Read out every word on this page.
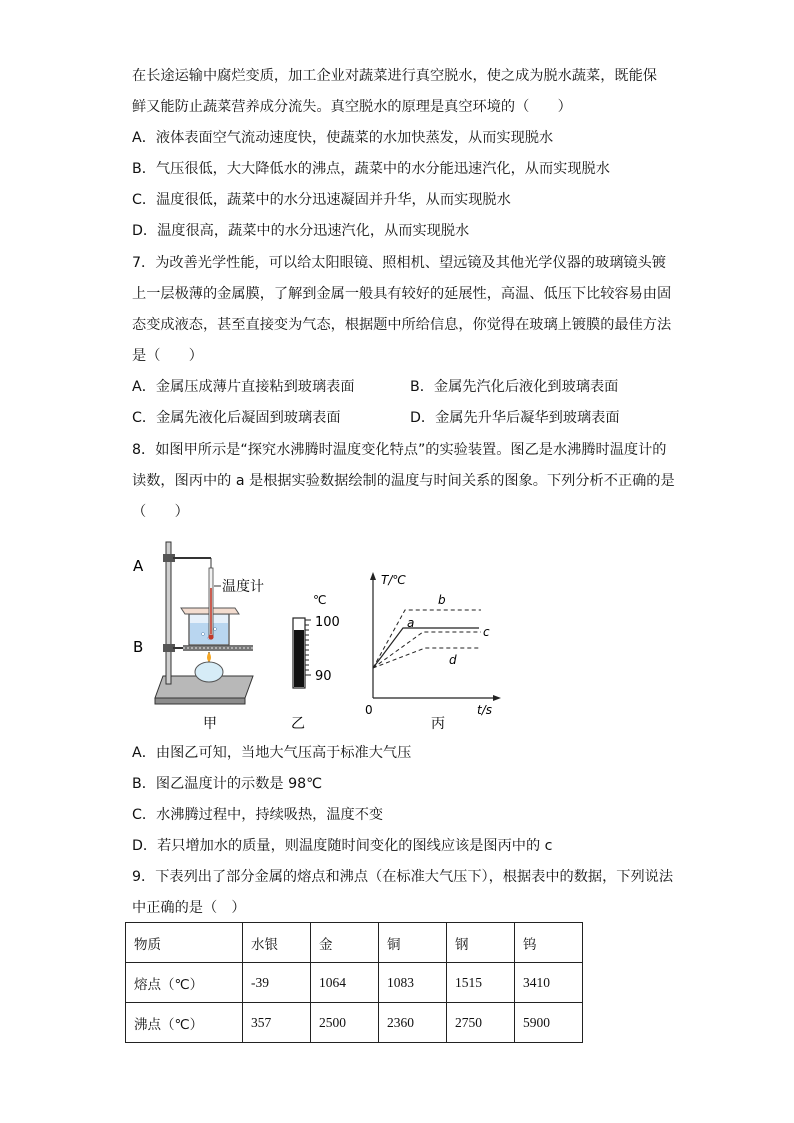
在长途运输中腐烂变质，加工企业对蔬菜进行真空脱水，使之成为脱水蔬菜，既能保
鲜又能防止蔬菜营养成分流失。真空脱水的原理是真空环境的（　　）
A．液体表面空气流动速度快，使蔬菜的水加快蒸发，从而实现脱水
B．气压很低，大大降低水的沸点，蔬菜中的水分能迅速汽化，从而实现脱水
C．温度很低，蔬菜中的水分迅速凝固并升华，从而实现脱水
D．温度很高，蔬菜中的水分迅速汽化，从而实现脱水
7．为改善光学性能，可以给太阳眼镜、照相机、望远镜及其他光学仪器的玻璃镜头镀
上一层极薄的金属膜，了解到金属一般具有较好的延展性，高温、低压下比较容易由固
态变成液态，甚至直接变为气态，根据题中所给信息，你觉得在玻璃上镀膜的最佳方法
是（　　）
A．金属压成薄片直接粘到玻璃表面	B．金属先汽化后液化到玻璃表面
C．金属先液化后凝固到玻璃表面	D．金属先升华后凝华到玻璃表面
8．如图甲所示是“探究水沸腾时温度变化特点”的实验装置。图乙是水沸腾时温度计的
读数，图丙中的 a 是根据实验数据绘制的温度与时间关系的图象。下列分析不正确的是
（　　）
A
B
温度计
甲
℃
100
90
乙
T/℃
t/s
0
a
b
c
d
丙
A．由图乙可知，当地大气压高于标准大气压
B．图乙温度计的示数是 98℃
C．水沸腾过程中，持续吸热，温度不变
D．若只增加水的质量，则温度随时间变化的图线应该是图丙中的 c
9．下表列出了部分金属的熔点和沸点（在标准大气压下），根据表中的数据，下列说法
中正确的是（　）
物质	水银	金	铜	钢	钨
熔点（℃）	-39	1064	1083	1515	3410
沸点（℃）	357	2500	2360	2750	5900
